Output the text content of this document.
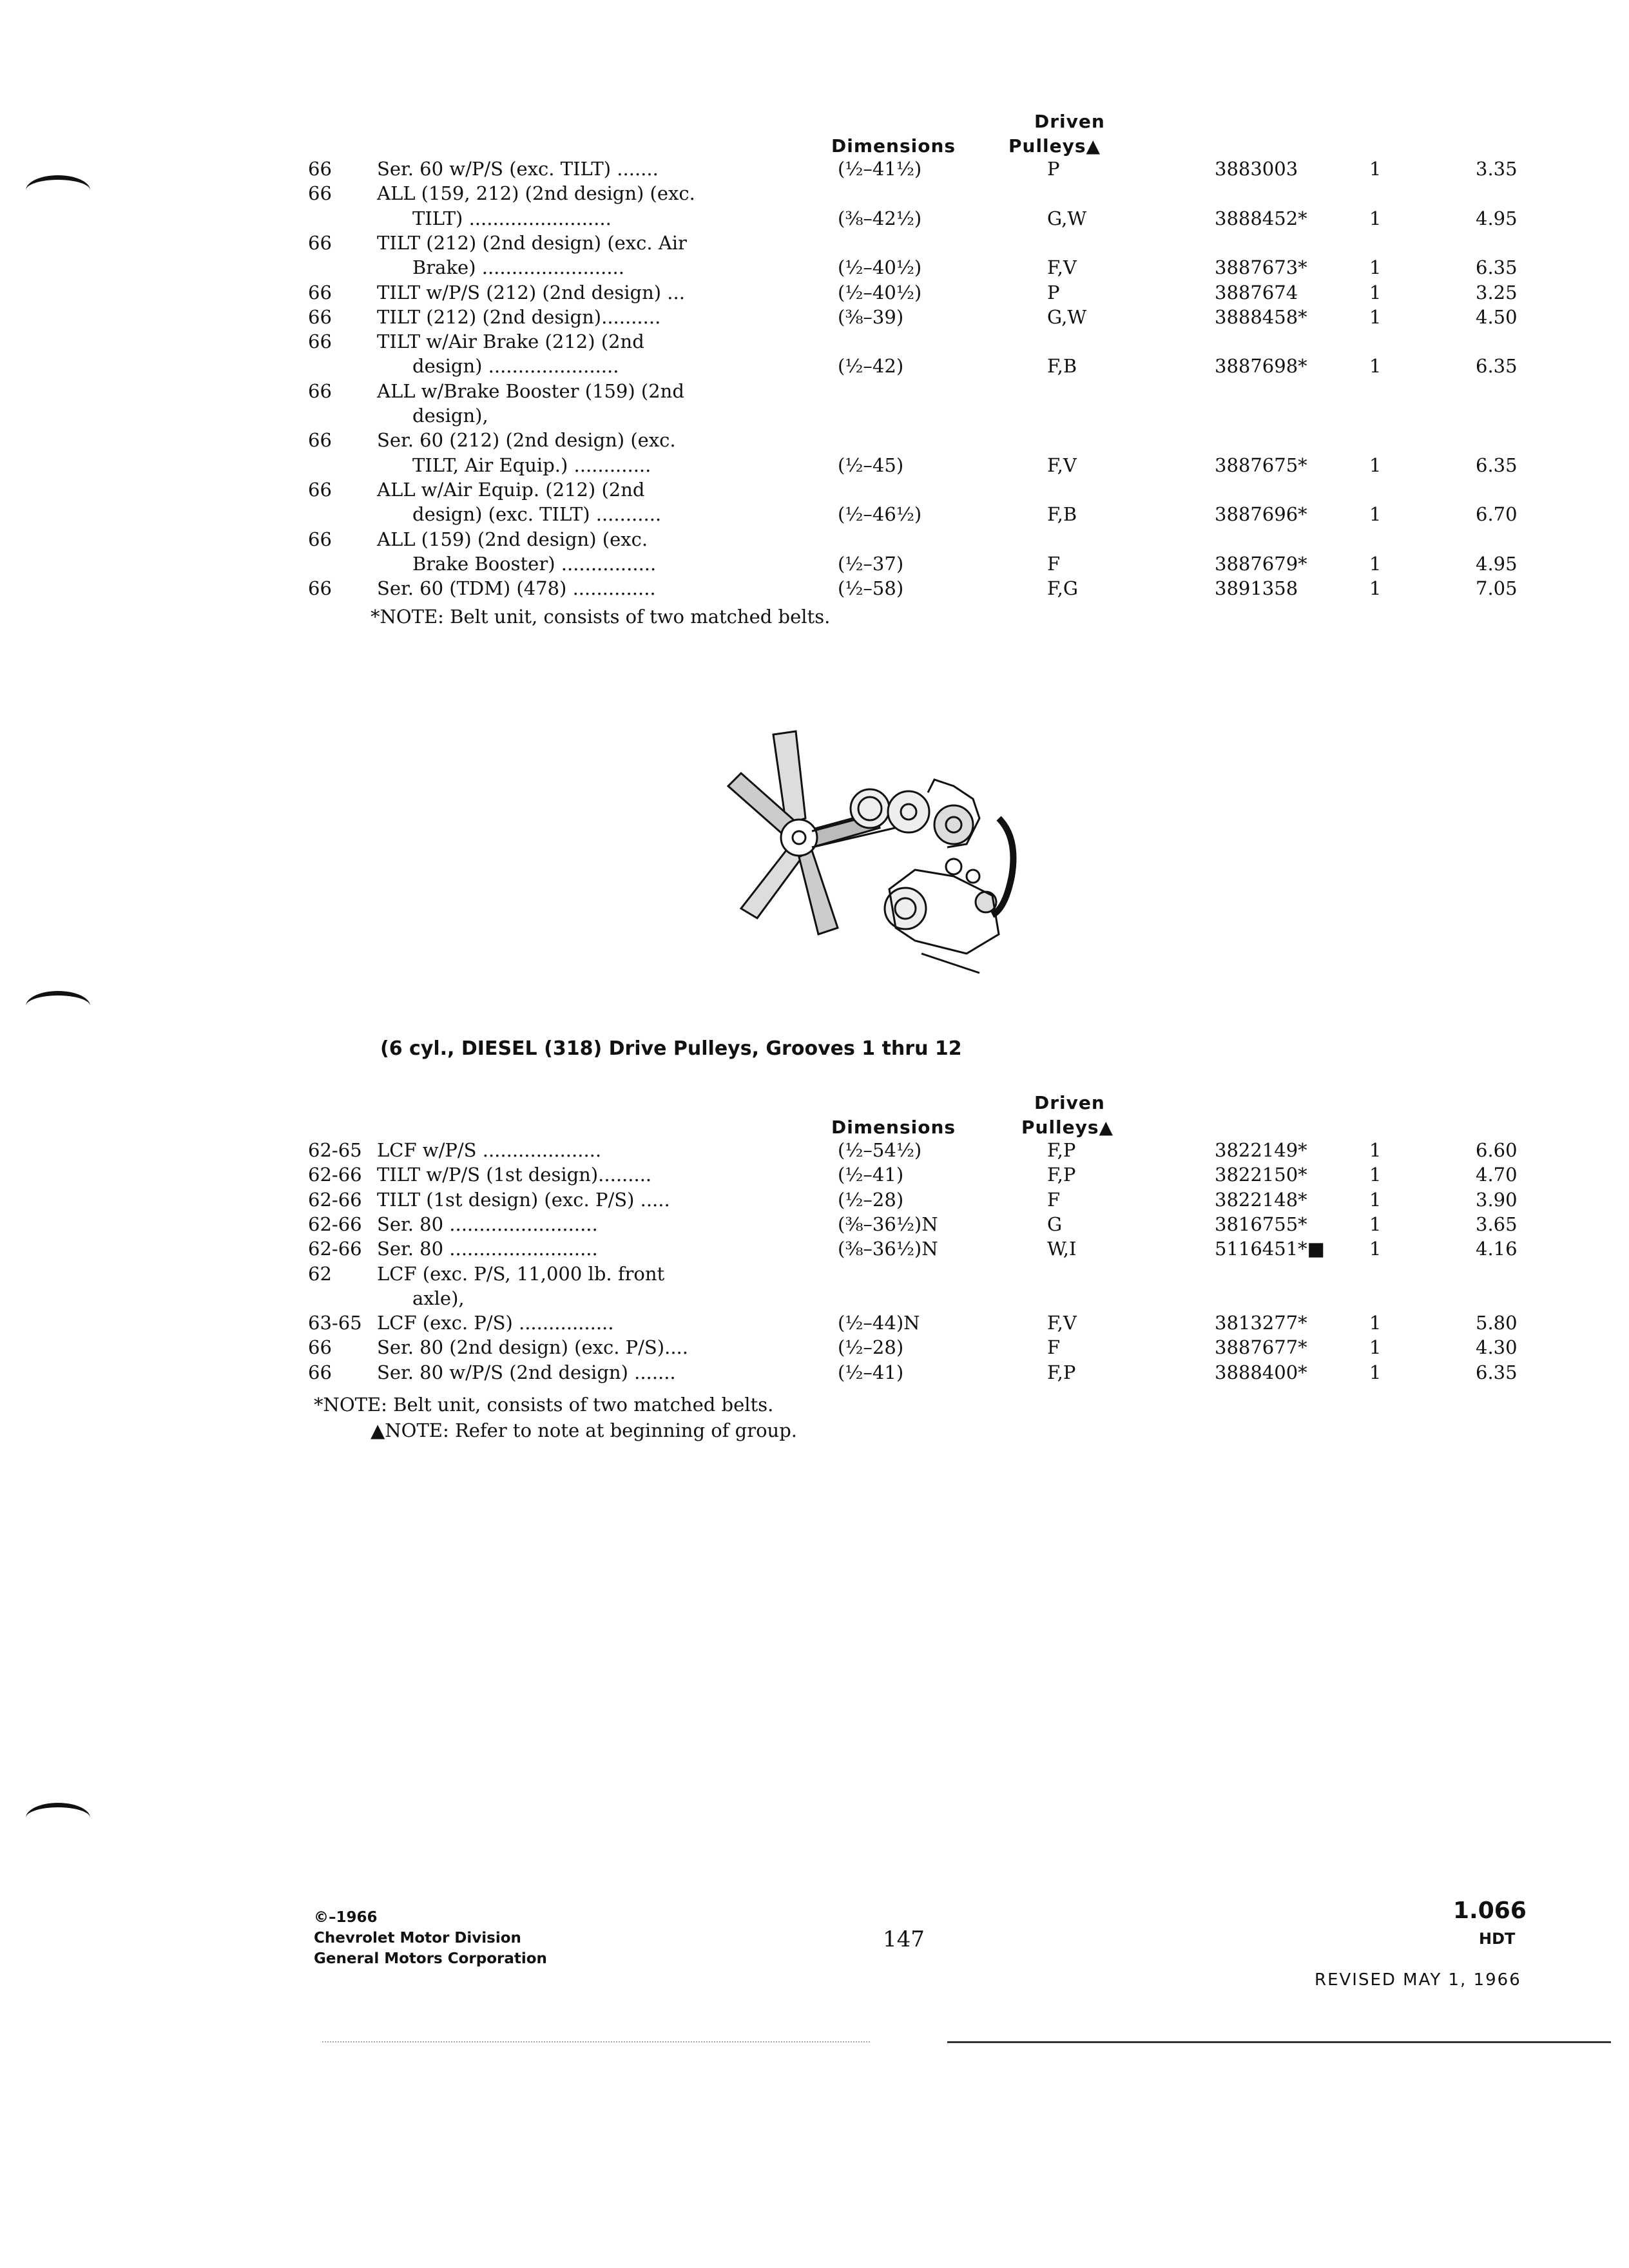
Driven
Dimensions	Pulleys▲
66 Ser. 60 w/P/S (exc. TILT) .......	(½–41½)	P	3883003	1	3.35
66 ALL (159, 212) (2nd design) (exc.
TILT) ........................	(⅜–42½)	G,W	3888452*	1	4.95
66 TILT (212) (2nd design) (exc. Air
Brake) ........................	(½–40½)	F,V	3887673*	1	6.35
66 TILT w/P/S (212) (2nd design) ...	(½–40½)	P	3887674	1	3.25
66 TILT (212) (2nd design)..........	(⅜–39)	G,W	3888458*	1	4.50
66 TILT w/Air Brake (212) (2nd
design) ......................	(½–42)	F,B	3887698*	1	6.35
66 ALL w/Brake Booster (159) (2nd
design),
66 Ser. 60 (212) (2nd design) (exc.
TILT, Air Equip.) .............	(½–45)	F,V	3887675*	1	6.35
66 ALL w/Air Equip. (212) (2nd
design) (exc. TILT) ...........	(½–46½)	F,B	3887696*	1	6.70
66 ALL (159) (2nd design) (exc.
Brake Booster) ................	(½–37)	F	3887679*	1	4.95
66 Ser. 60 (TDM) (478) ..............	(½–58)	F,G	3891358	1	7.05
*NOTE: Belt unit, consists of two matched belts.
(6 cyl., DIESEL (318) Drive Pulleys, Grooves 1 thru 12
Driven
Dimensions	Pulleys▲
62-65 LCF w/P/S ....................	(½–54½)	F,P	3822149*	1	6.60
62-66 TILT w/P/S (1st design).........	(½–41)	F,P	3822150*	1	4.70
62-66 TILT (1st design) (exc. P/S) .....	(½–28)	F	3822148*	1	3.90
62-66 Ser. 80 .........................	(⅜–36½)N	G	3816755*	1	3.65
62-66 Ser. 80 .........................	(⅜–36½)N	W,I	5116451*■ 1	4.16
62 LCF (exc. P/S, 11,000 lb. front
axle),
63-65 LCF (exc. P/S) ................	(½–44)N	F,V	3813277*	1	5.80
66 Ser. 80 (2nd design) (exc. P/S)....	(½–28)	F	3887677*	1	4.30
66 Ser. 80 w/P/S (2nd design) .......	(½–41)	F,P	3888400*	1	6.35
*NOTE: Belt unit, consists of two matched belts.
▲NOTE: Refer to note at beginning of group.
©–1966
Chevrolet Motor Division
General Motors Corporation
147
1.066
HDT
REVISED MAY 1, 1966
